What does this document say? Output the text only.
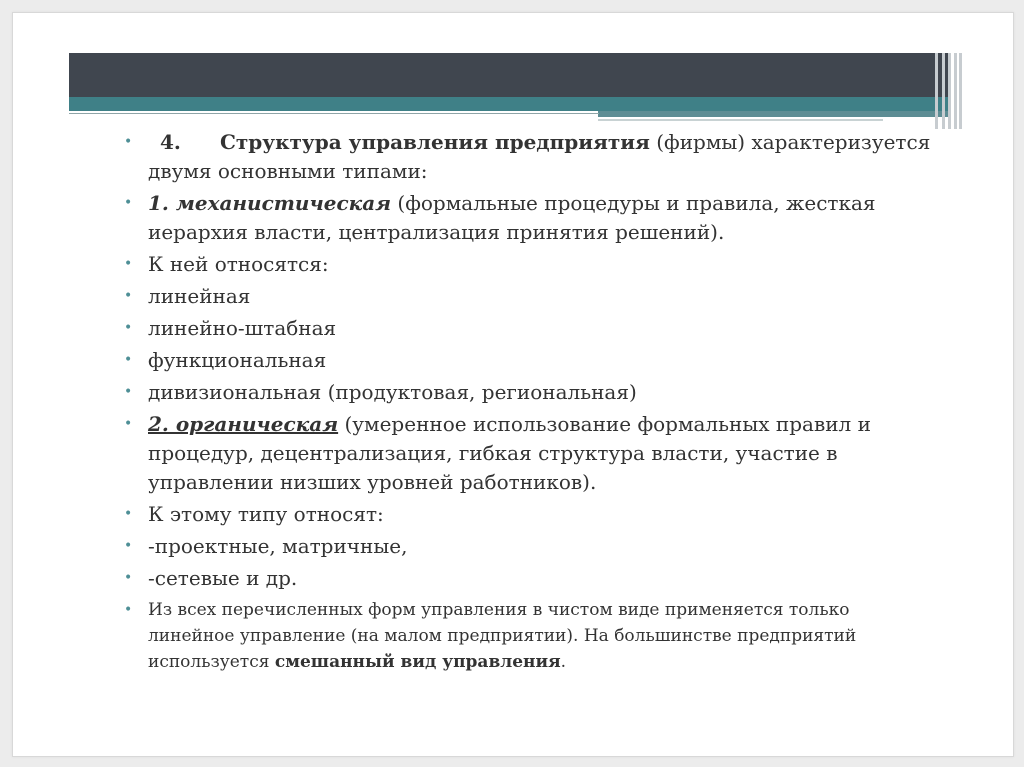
• 4. Структура управления предприятия (фирмы) характеризуется двумя основными типами:
• 1. механистическая (формальные процедуры и правила, жесткая иерархия власти, централизация принятия решений).
• К ней относятся:
• линейная
• линейно-штабная
• функциональная
• дивизиональная (продуктовая, региональная)
• 2. органическая (умеренное использование формальных правил и процедур, децентрализация, гибкая структура власти, участие в управлении низших уровней работников).
• К этому типу относят:
• -проектные, матричные,
• -сетевые и др.
• Из всех перечисленных форм управления в чистом виде применяется только линейное управление (на малом предприятии). На большинстве предприятий используется смешанный вид управления.
